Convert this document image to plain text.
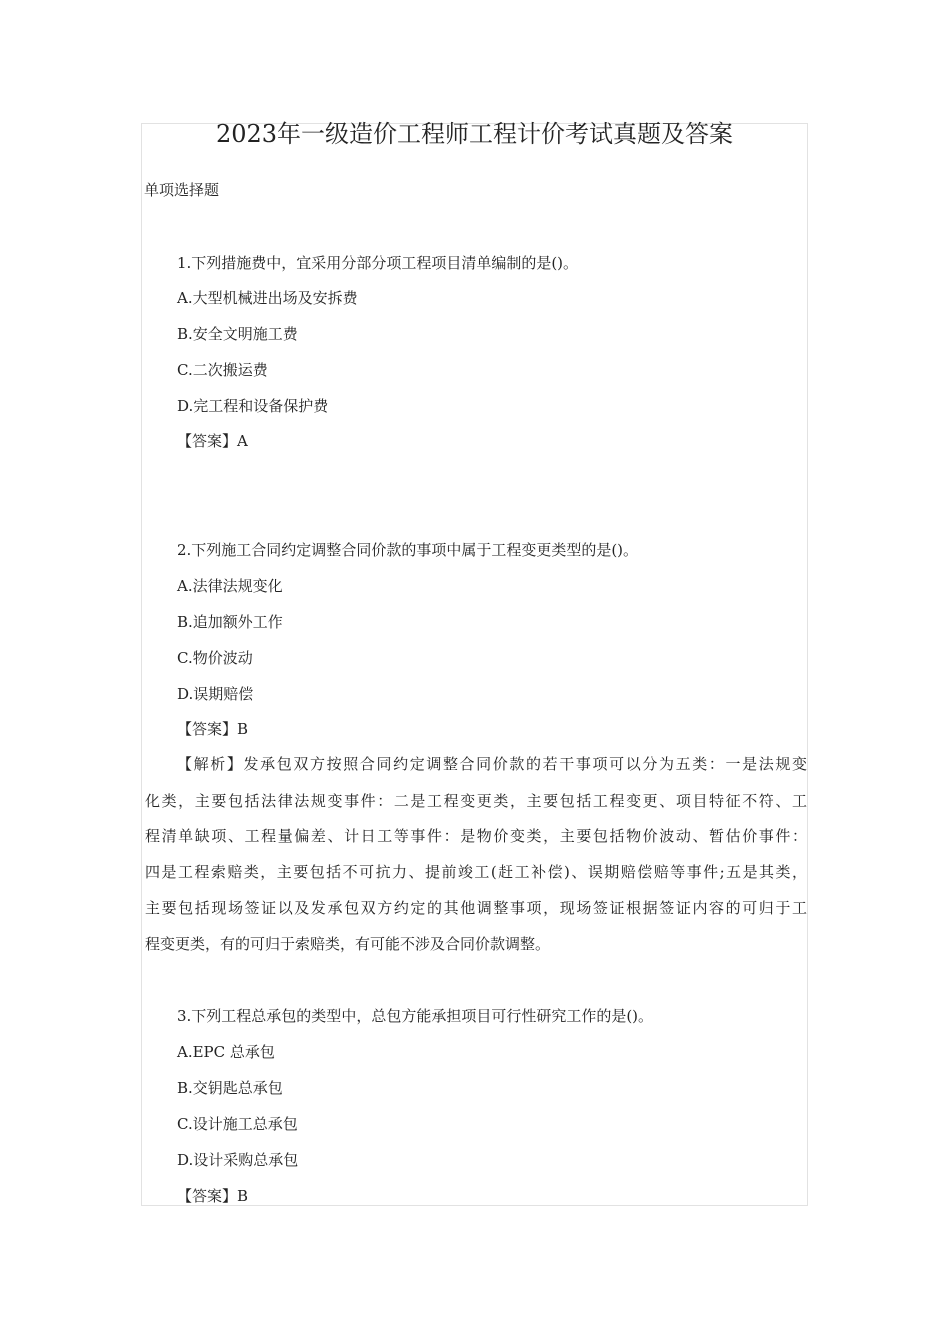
2023年一级造价工程师工程计价考试真题及答案
单项选择题
1.下列措施费中，宜采用分部分项工程项目清单编制的是()。
A.大型机械进出场及安拆费
B.安全文明施工费
C.二次搬运费
D.完工程和设备保护费
【答案】A
2.下列施工合同约定调整合同价款的事项中属于工程变更类型的是()。
A.法律法规变化
B.追加额外工作
C.物价波动
D.误期赔偿
【答案】B
【解析】发承包双方按照合同约定调整合同价款的若干事项可以分为五类：一是法规变
化类，主要包括法律法规变事件：二是工程变更类，主要包括工程变更、项目特征不符、工
程清单缺项、工程量偏差、计日工等事件：是物价变类，主要包括物价波动、暂估价事件：
四是工程索赔类，主要包括不可抗力、提前竣工(赶工补偿)、误期赔偿赔等事件;五是其类，
主要包括现场签证以及发承包双方约定的其他调整事项，现场签证根据签证内容的可归于工
程变更类，有的可归于索赔类，有可能不涉及合同价款调整。
3.下列工程总承包的类型中，总包方能承担项目可行性研究工作的是()。
A.EPC 总承包
B.交钥匙总承包
C.设计施工总承包
D.设计采购总承包
【答案】B
